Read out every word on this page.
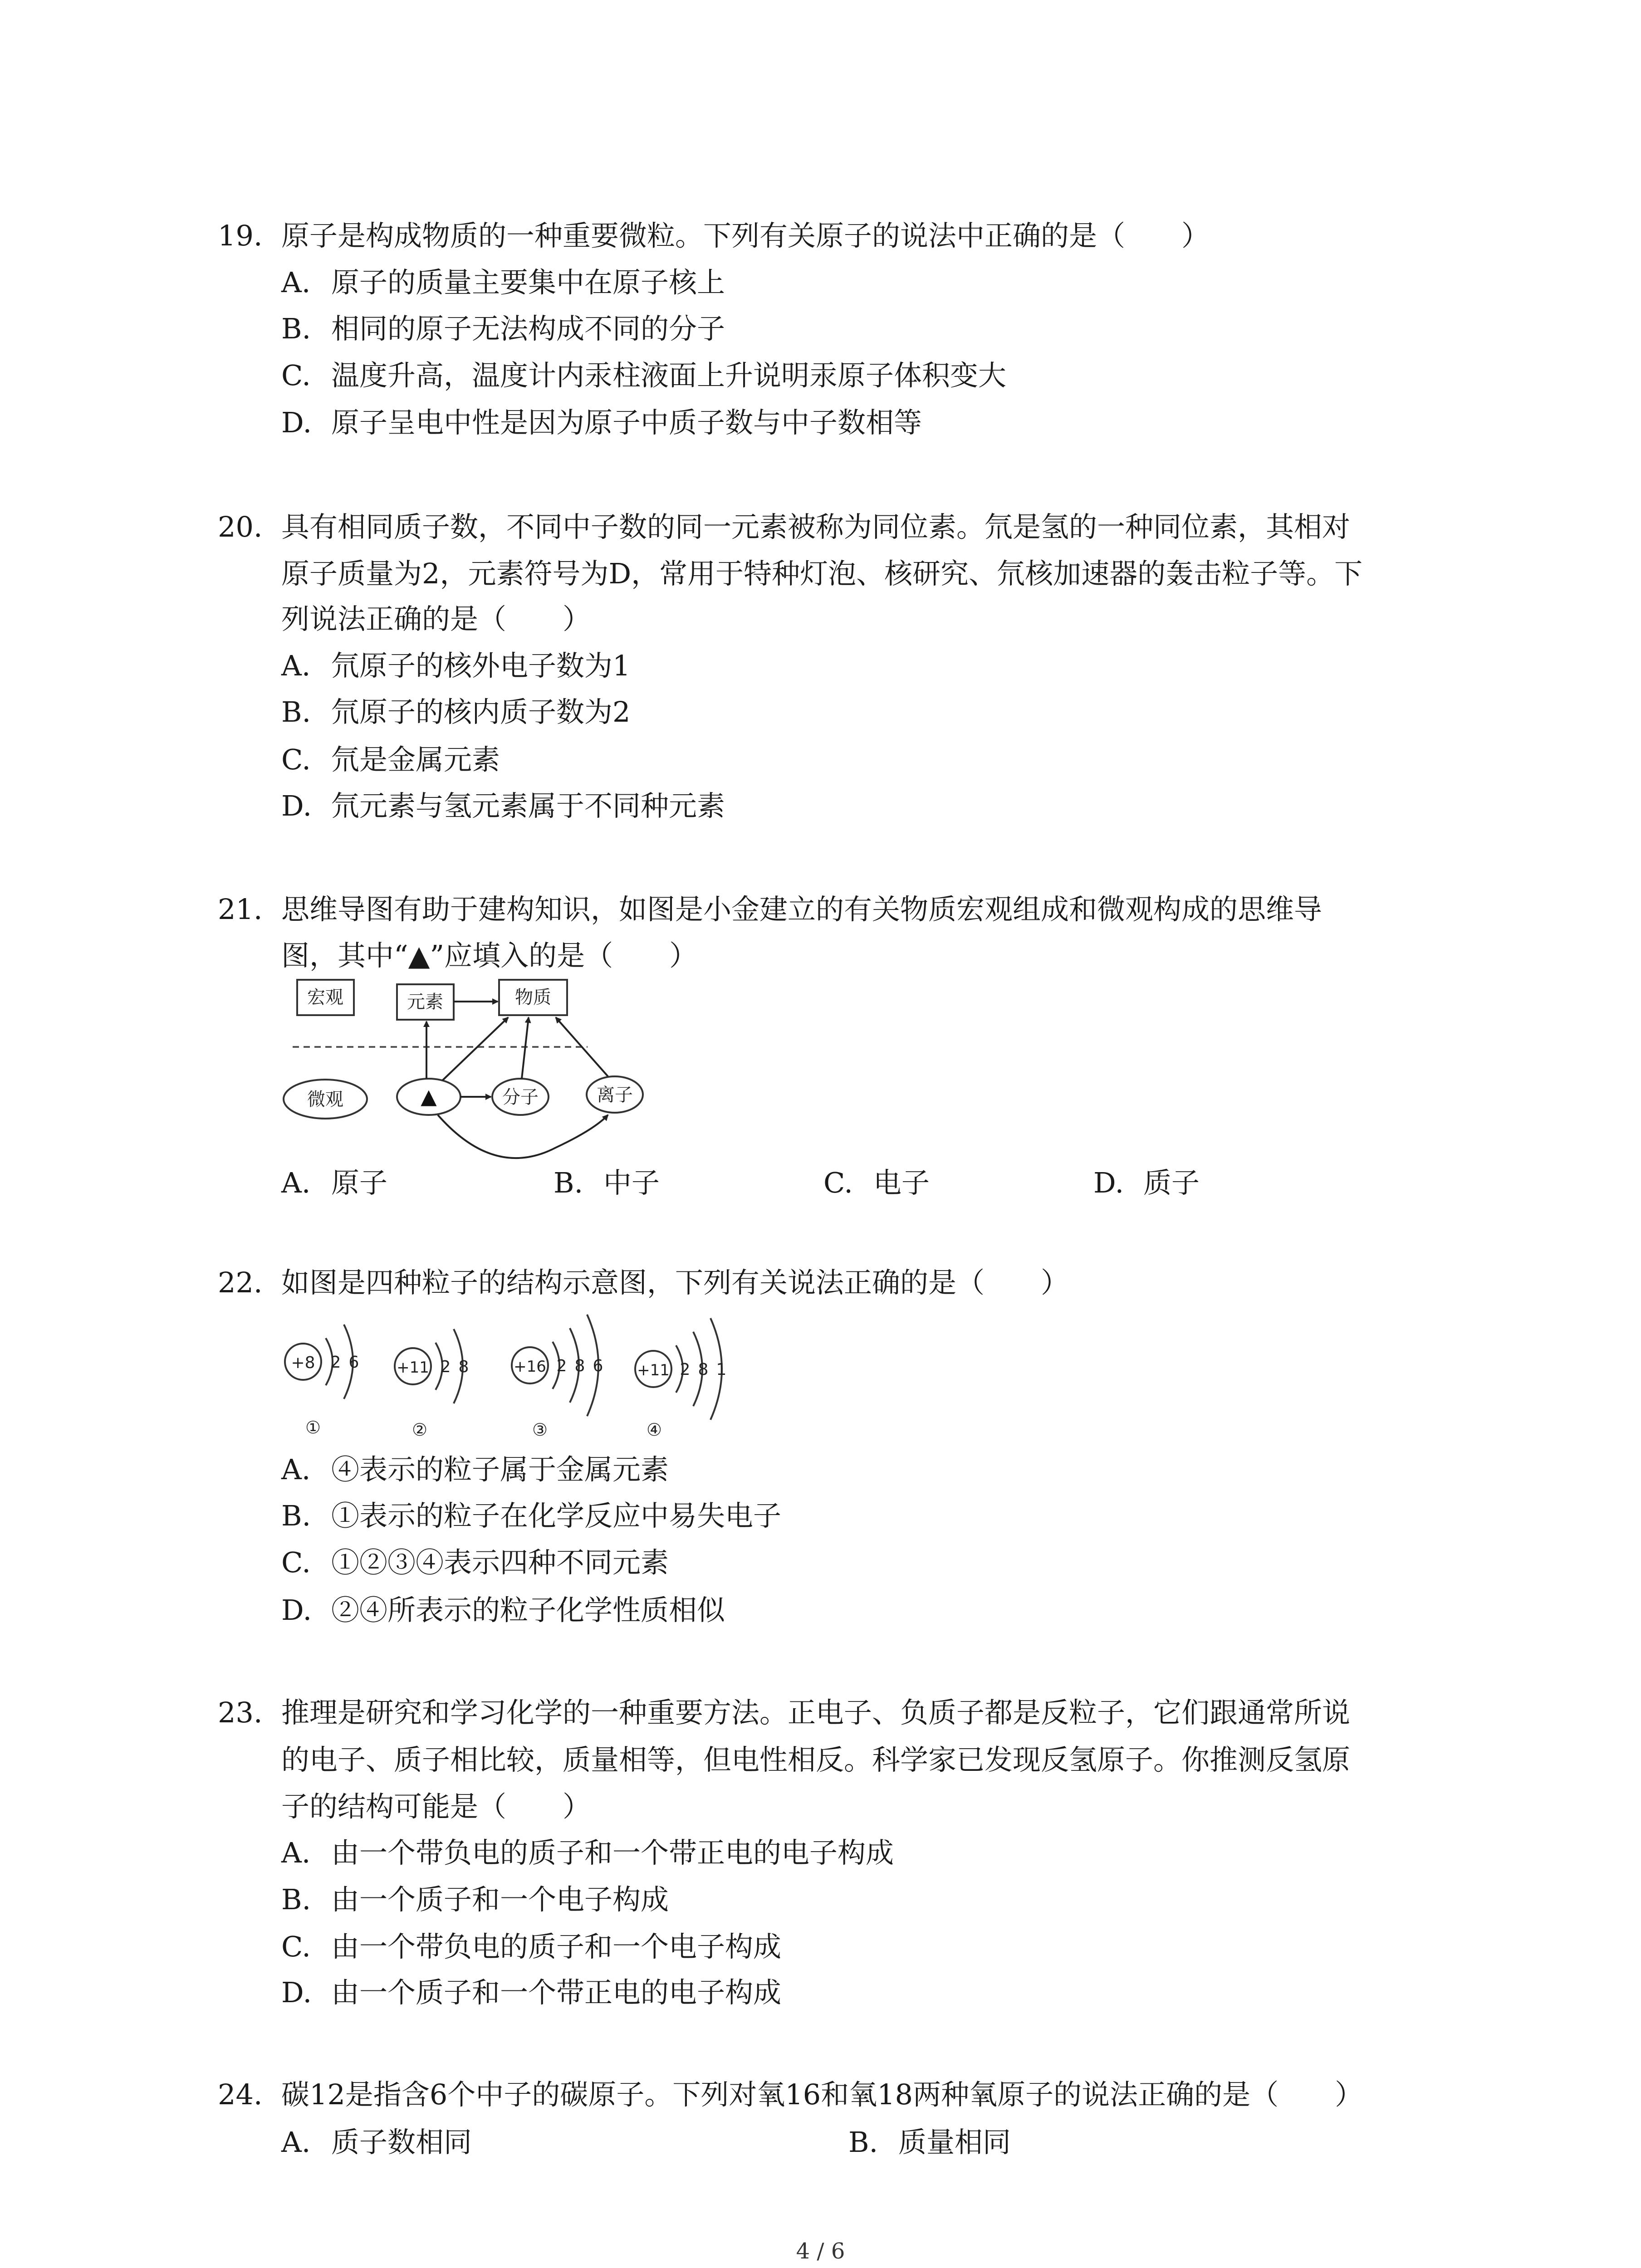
19. 原子是构成物质的一种重要微粒。下列有关原子的说法中正确的是（　　）
A. 原子的质量主要集中在原子核上
B. 相同的原子无法构成不同的分子
C. 温度升高，温度计内汞柱液面上升说明汞原子体积变大
D. 原子呈电中性是因为原子中质子数与中子数相等
20. 具有相同质子数，不同中子数的同一元素被称为同位素。氘是氢的一种同位素，其相对
原子质量为2，元素符号为D，常用于特种灯泡、核研究、氘核加速器的轰击粒子等。下
列说法正确的是（　　）
A. 氘原子的核外电子数为1
B. 氘原子的核内质子数为2
C. 氘是金属元素
D. 氘元素与氢元素属于不同种元素
21. 思维导图有助于建构知识，如图是小金建立的有关物质宏观组成和微观构成的思维导
图，其中“▲”应填入的是（　　）
宏观	元素	物质
微观	▲	分子	离子
A. 原子	B. 中子	C. 电子	D. 质子
22. 如图是四种粒子的结构示意图，下列有关说法正确的是（　　）
+8 2 6
①
+11 2 8
②
+16 2 8 6
③
+11 2 8 1
④
A. ④表示的粒子属于金属元素
B. ①表示的粒子在化学反应中易失电子
C. ①②③④表示四种不同元素
D. ②④所表示的粒子化学性质相似
23. 推理是研究和学习化学的一种重要方法。正电子、负质子都是反粒子，它们跟通常所说
的电子、质子相比较，质量相等，但电性相反。科学家已发现反氢原子。你推测反氢原
子的结构可能是（　　）
A. 由一个带负电的质子和一个带正电的电子构成
B. 由一个质子和一个电子构成
C. 由一个带负电的质子和一个电子构成
D. 由一个质子和一个带正电的电子构成
24. 碳12是指含6个中子的碳原子。下列对氧16和氧18两种氧原子的说法正确的是（　　）
A. 质子数相同	B. 质量相同
4 / 6
